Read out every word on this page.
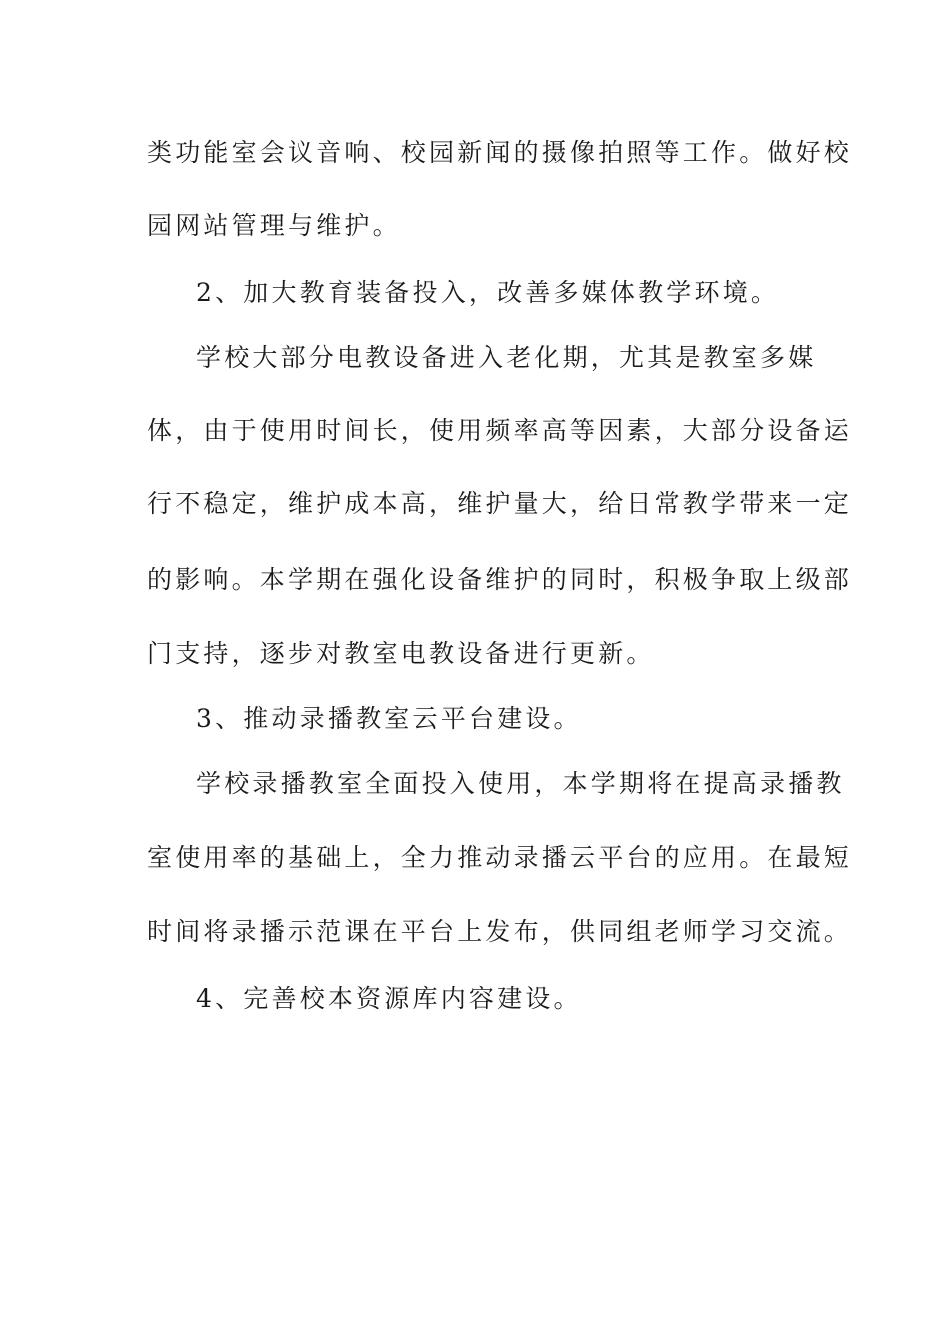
类功能室会议音响、校园新闻的摄像拍照等工作。做好校
园网站管理与维护。
2、加大教育装备投入，改善多媒体教学环境。
学校大部分电教设备进入老化期，尤其是教室多媒
体，由于使用时间长，使用频率高等因素，大部分设备运
行不稳定，维护成本高，维护量大，给日常教学带来一定
的影响。本学期在强化设备维护的同时，积极争取上级部
门支持，逐步对教室电教设备进行更新。
3、推动录播教室云平台建设。
学校录播教室全面投入使用，本学期将在提高录播教
室使用率的基础上，全力推动录播云平台的应用。在最短
时间将录播示范课在平台上发布，供同组老师学习交流。
4、完善校本资源库内容建设。
